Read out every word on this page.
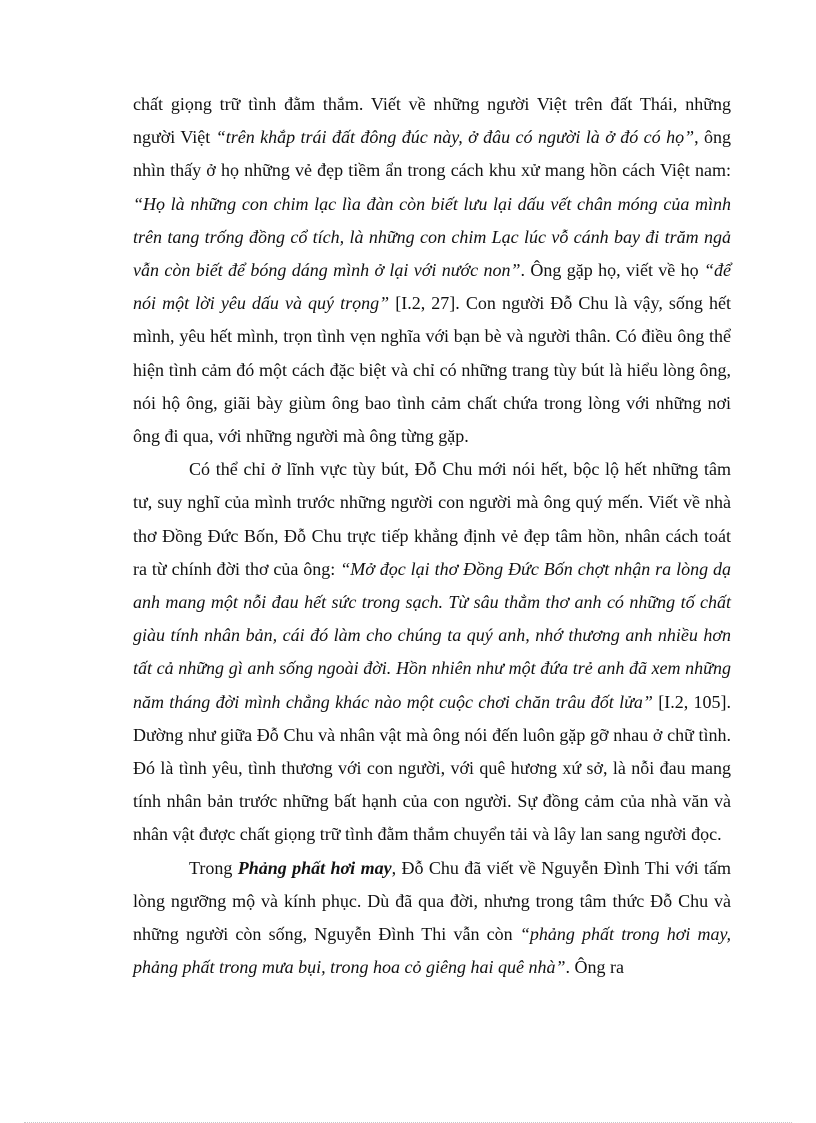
chất giọng trữ tình đằm thắm. Viết về những người Việt trên đất Thái, những người Việt “trên khắp trái đất đông đúc này, ở đâu có người là ở đó có họ”, ông nhìn thấy ở họ những vẻ đẹp tiềm ẩn trong cách khu xử mang hồn cách Việt nam: “Họ là những con chim lạc lìa đàn còn biết lưu lại dấu vết chân móng của mình trên tang trống đồng cổ tích, là những con chim Lạc lúc vỗ cánh bay đi trăm ngả vẫn còn biết để bóng dáng mình ở lại với nước non”. Ông gặp họ, viết về họ “để nói một lời yêu dấu và quý trọng” [I.2, 27]. Con người Đỗ Chu là vậy, sống hết mình, yêu hết mình, trọn tình vẹn nghĩa với bạn bè và người thân. Có điều ông thể hiện tình cảm đó một cách đặc biệt và chỉ có những trang tùy bút là hiểu lòng ông, nói hộ ông, giãi bày giùm ông bao tình cảm chất chứa trong lòng với những nơi ông đi qua, với những người mà ông từng gặp.

Có thể chỉ ở lĩnh vực tùy bút, Đỗ Chu mới nói hết, bộc lộ hết những tâm tư, suy nghĩ của mình trước những người con người mà ông quý mến. Viết về nhà thơ Đồng Đức Bốn, Đỗ Chu trực tiếp khẳng định vẻ đẹp tâm hồn, nhân cách toát ra từ chính đời thơ của ông: “Mở đọc lại thơ Đồng Đức Bốn chợt nhận ra lòng dạ anh mang một nỗi đau hết sức trong sạch. Từ sâu thẳm thơ anh có những tố chất giàu tính nhân bản, cái đó làm cho chúng ta quý anh, nhớ thương anh nhiều hơn tất cả những gì anh sống ngoài đời. Hồn nhiên như một đứa trẻ anh đã xem những năm tháng đời mình chẳng khác nào một cuộc chơi chăn trâu đốt lửa” [I.2, 105]. Dường như giữa Đỗ Chu và nhân vật mà ông nói đến luôn gặp gỡ nhau ở chữ tình. Đó là tình yêu, tình thương với con người, với quê hương xứ sở, là nỗi đau mang tính nhân bản trước những bất hạnh của con người. Sự đồng cảm của nhà văn và nhân vật được chất giọng trữ tình đằm thắm chuyển tải và lây lan sang người đọc.

Trong Phảng phất hơi may, Đỗ Chu đã viết về Nguyễn Đình Thi với tấm lòng ngưỡng mộ và kính phục. Dù đã qua đời, nhưng trong tâm thức Đỗ Chu và những người còn sống, Nguyễn Đình Thi vẫn còn “phảng phất trong hơi may, phảng phất trong mưa bụi, trong hoa cỏ giêng hai quê nhà”. Ông ra
